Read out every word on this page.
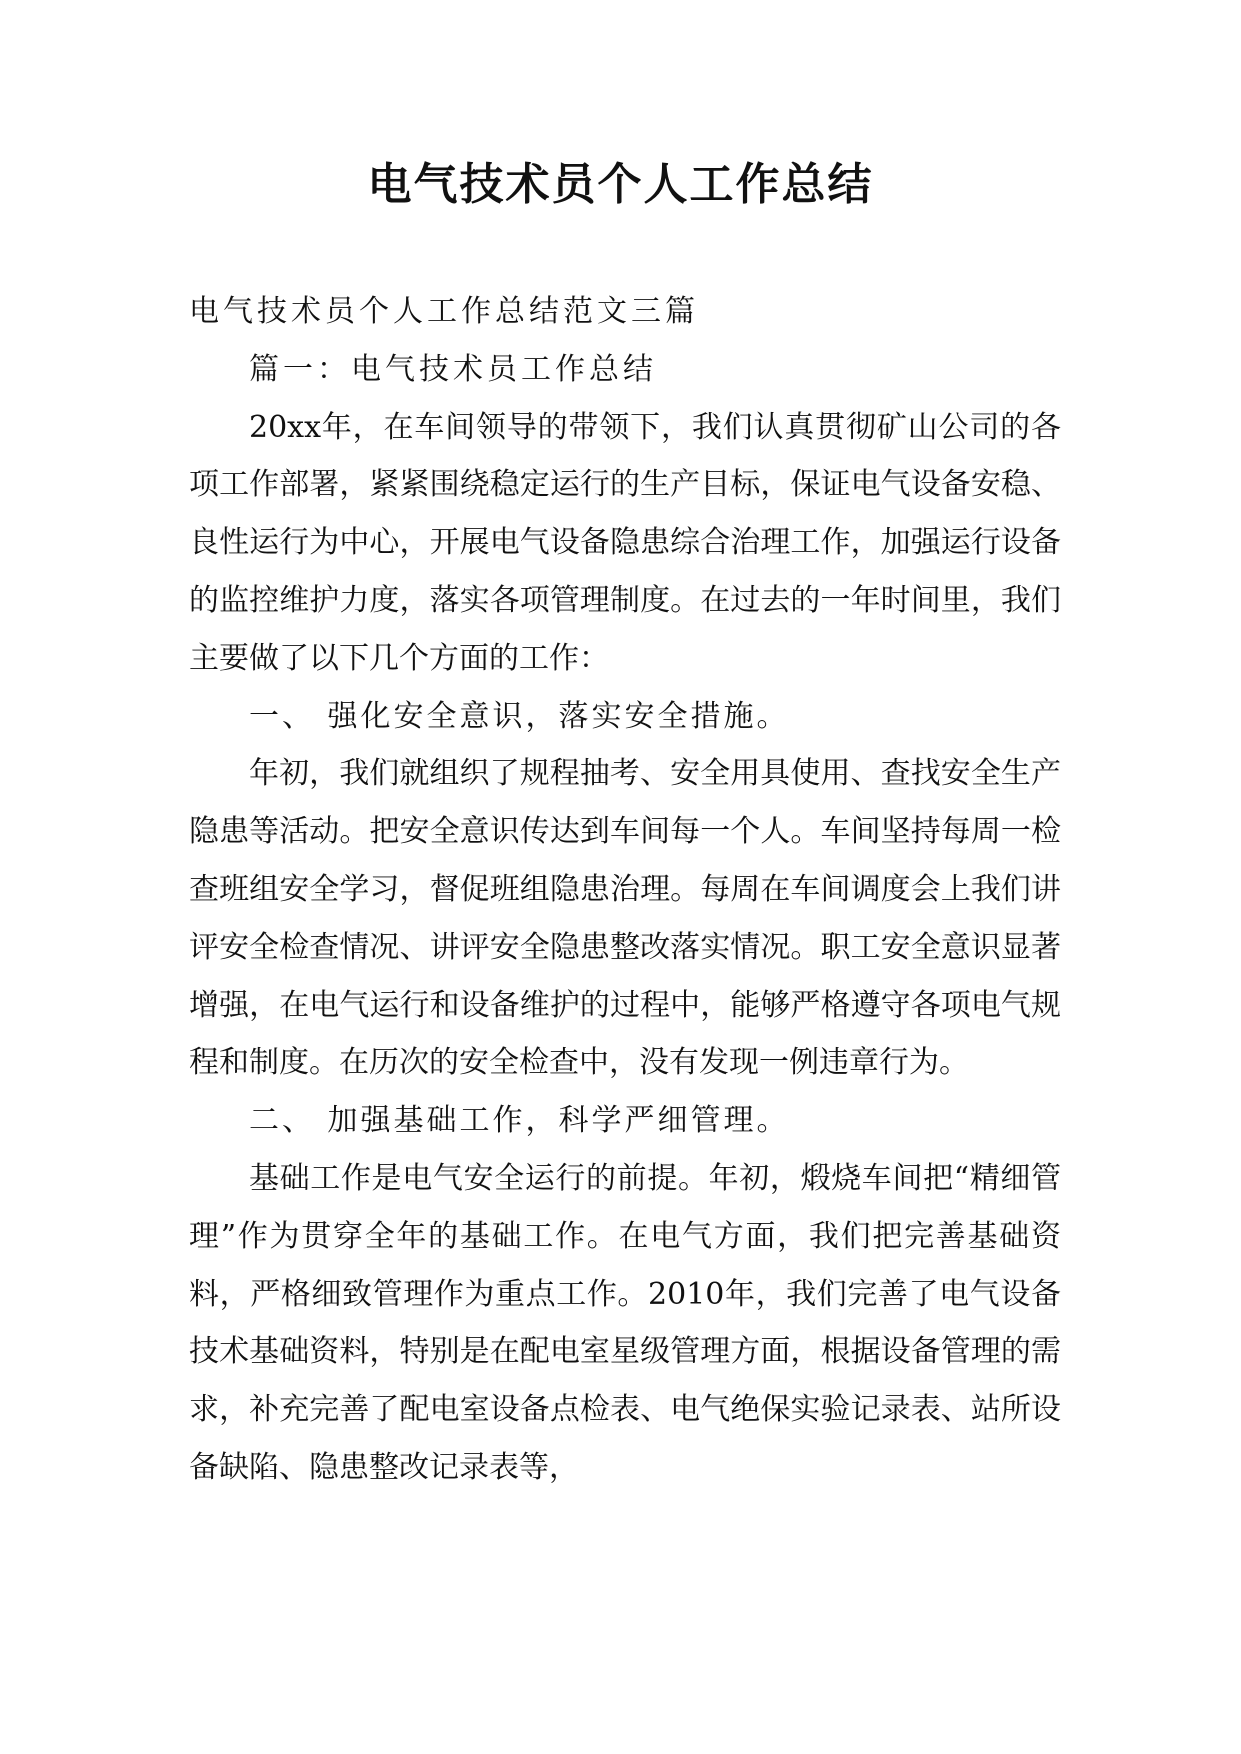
电气技术员个人工作总结

电气技术员个人工作总结范文三篇

篇一：电气技术员工作总结

20xx年，在车间领导的带领下，我们认真贯彻矿山公司的各项工作部署，紧紧围绕稳定运行的生产目标，保证电气设备安稳、良性运行为中心，开展电气设备隐患综合治理工作，加强运行设备的监控维护力度，落实各项管理制度。在过去的一年时间里，我们主要做了以下几个方面的工作：

一、 强化安全意识，落实安全措施。

年初，我们就组织了规程抽考、安全用具使用、查找安全生产隐患等活动。把安全意识传达到车间每一个人。车间坚持每周一检查班组安全学习，督促班组隐患治理。每周在车间调度会上我们讲评安全检查情况、讲评安全隐患整改落实情况。职工安全意识显著增强，在电气运行和设备维护的过程中，能够严格遵守各项电气规程和制度。在历次的安全检查中，没有发现一例违章行为。

二、 加强基础工作，科学严细管理。

基础工作是电气安全运行的前提。年初，煅烧车间把“精细管理”作为贯穿全年的基础工作。在电气方面，我们把完善基础资料，严格细致管理作为重点工作。2010年，我们完善了电气设备技术基础资料，特别是在配电室星级管理方面，根据设备管理的需求，补充完善了配电室设备点检表、电气绝保实验记录表、站所设备缺陷、隐患整改记录表等，
